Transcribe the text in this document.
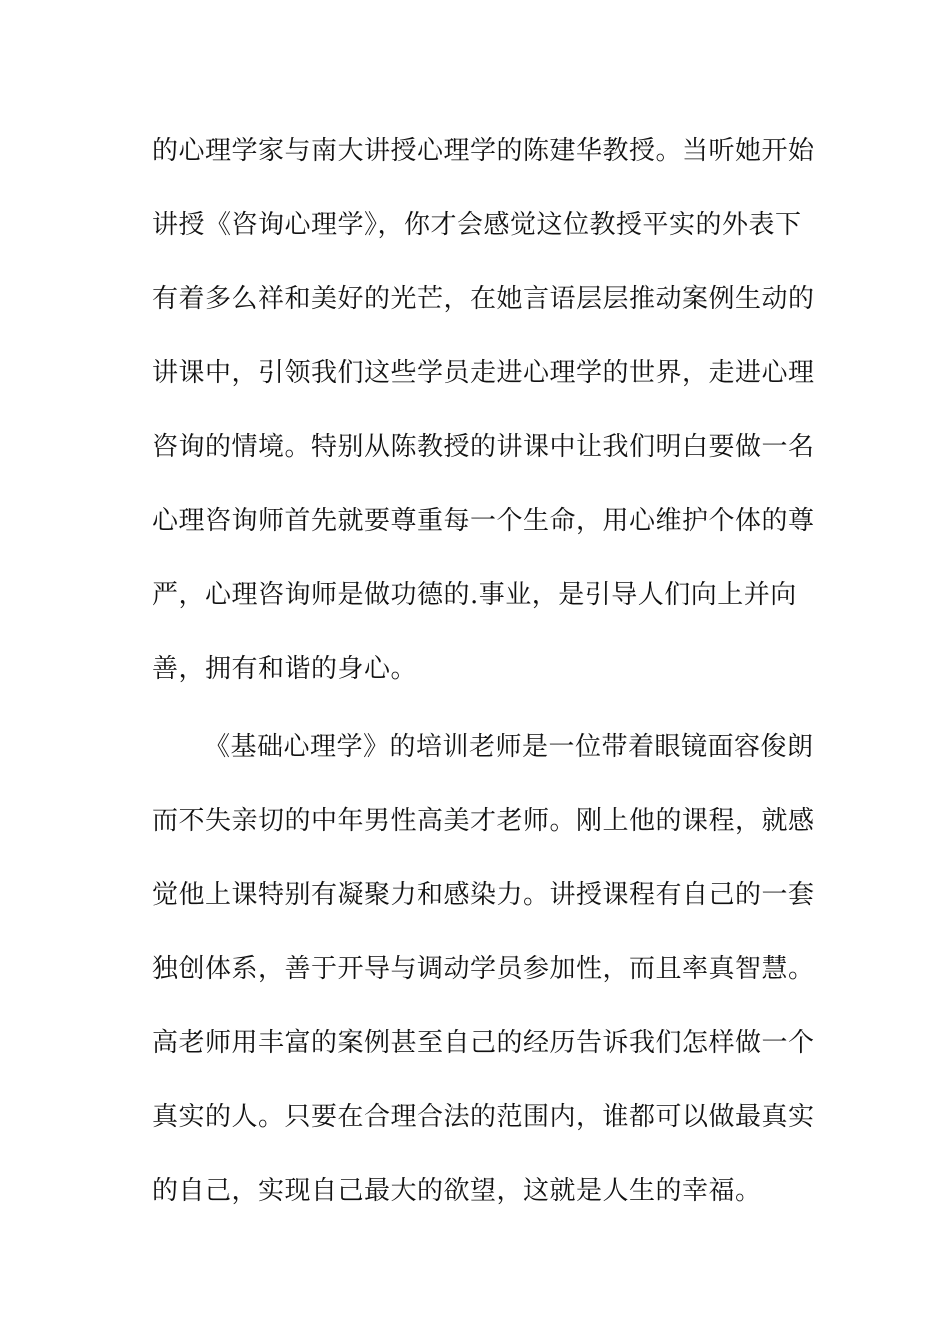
的心理学家与南大讲授心理学的陈建华教授。当听她开始
讲授《咨询心理学》，你才会感觉这位教授平实的外表下
有着多么祥和美好的光芒，在她言语层层推动案例生动的
讲课中，引领我们这些学员走进心理学的世界，走进心理
咨询的情境。特别从陈教授的讲课中让我们明白要做一名
心理咨询师首先就要尊重每一个生命，用心维护个体的尊
严，心理咨询师是做功德的.事业，是引导人们向上并向
善，拥有和谐的身心。
《基础心理学》的培训老师是一位带着眼镜面容俊朗
而不失亲切的中年男性高美才老师。刚上他的课程，就感
觉他上课特别有凝聚力和感染力。讲授课程有自己的一套
独创体系，善于开导与调动学员参加性，而且率真智慧。
高老师用丰富的案例甚至自己的经历告诉我们怎样做一个
真实的人。只要在合理合法的范围内，谁都可以做最真实
的自己，实现自己最大的欲望，这就是人生的幸福。
